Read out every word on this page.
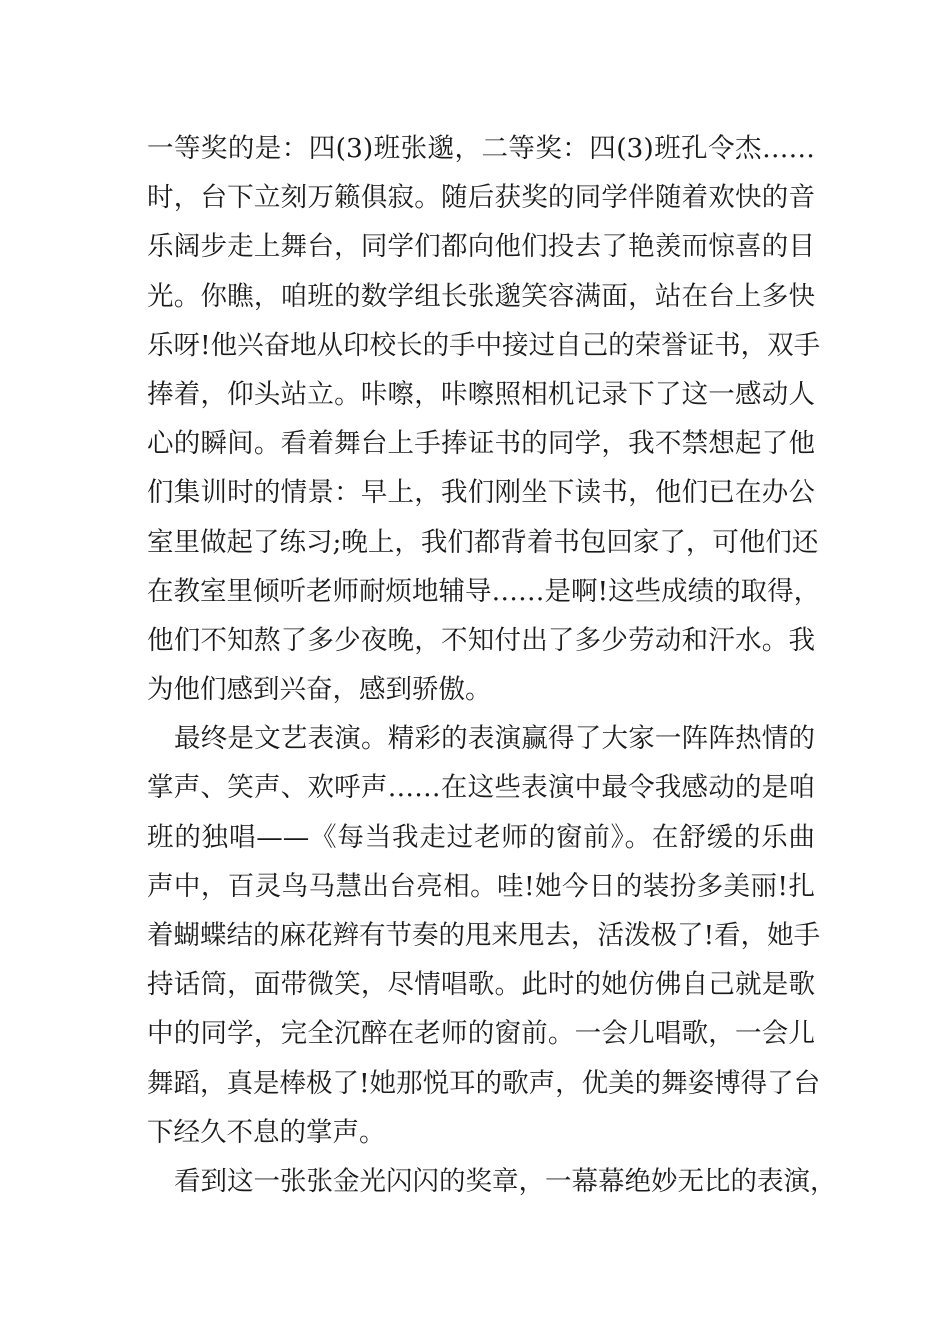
一等奖的是：四(3)班张邈，二等奖：四(3)班孔令杰……
时，台下立刻万籁俱寂。随后获奖的同学伴随着欢快的音
乐阔步走上舞台，同学们都向他们投去了艳羡而惊喜的目
光。你瞧，咱班的数学组长张邈笑容满面，站在台上多快
乐呀!他兴奋地从印校长的手中接过自己的荣誉证书，双手
捧着，仰头站立。咔嚓，咔嚓照相机记录下了这一感动人
心的瞬间。看着舞台上手捧证书的同学，我不禁想起了他
们集训时的情景：早上，我们刚坐下读书，他们已在办公
室里做起了练习;晚上，我们都背着书包回家了，可他们还
在教室里倾听老师耐烦地辅导……是啊!这些成绩的取得，
他们不知熬了多少夜晚，不知付出了多少劳动和汗水。我
为他们感到兴奋，感到骄傲。
最终是文艺表演。精彩的表演赢得了大家一阵阵热情的
掌声、笑声、欢呼声……在这些表演中最令我感动的是咱
班的独唱——《每当我走过老师的窗前》。在舒缓的乐曲
声中，百灵鸟马慧出台亮相。哇!她今日的装扮多美丽!扎
着蝴蝶结的麻花辫有节奏的甩来甩去，活泼极了!看，她手
持话筒，面带微笑，尽情唱歌。此时的她仿佛自己就是歌
中的同学，完全沉醉在老师的窗前。一会儿唱歌，一会儿
舞蹈，真是棒极了!她那悦耳的歌声，优美的舞姿博得了台
下经久不息的掌声。
看到这一张张金光闪闪的奖章，一幕幕绝妙无比的表演，
